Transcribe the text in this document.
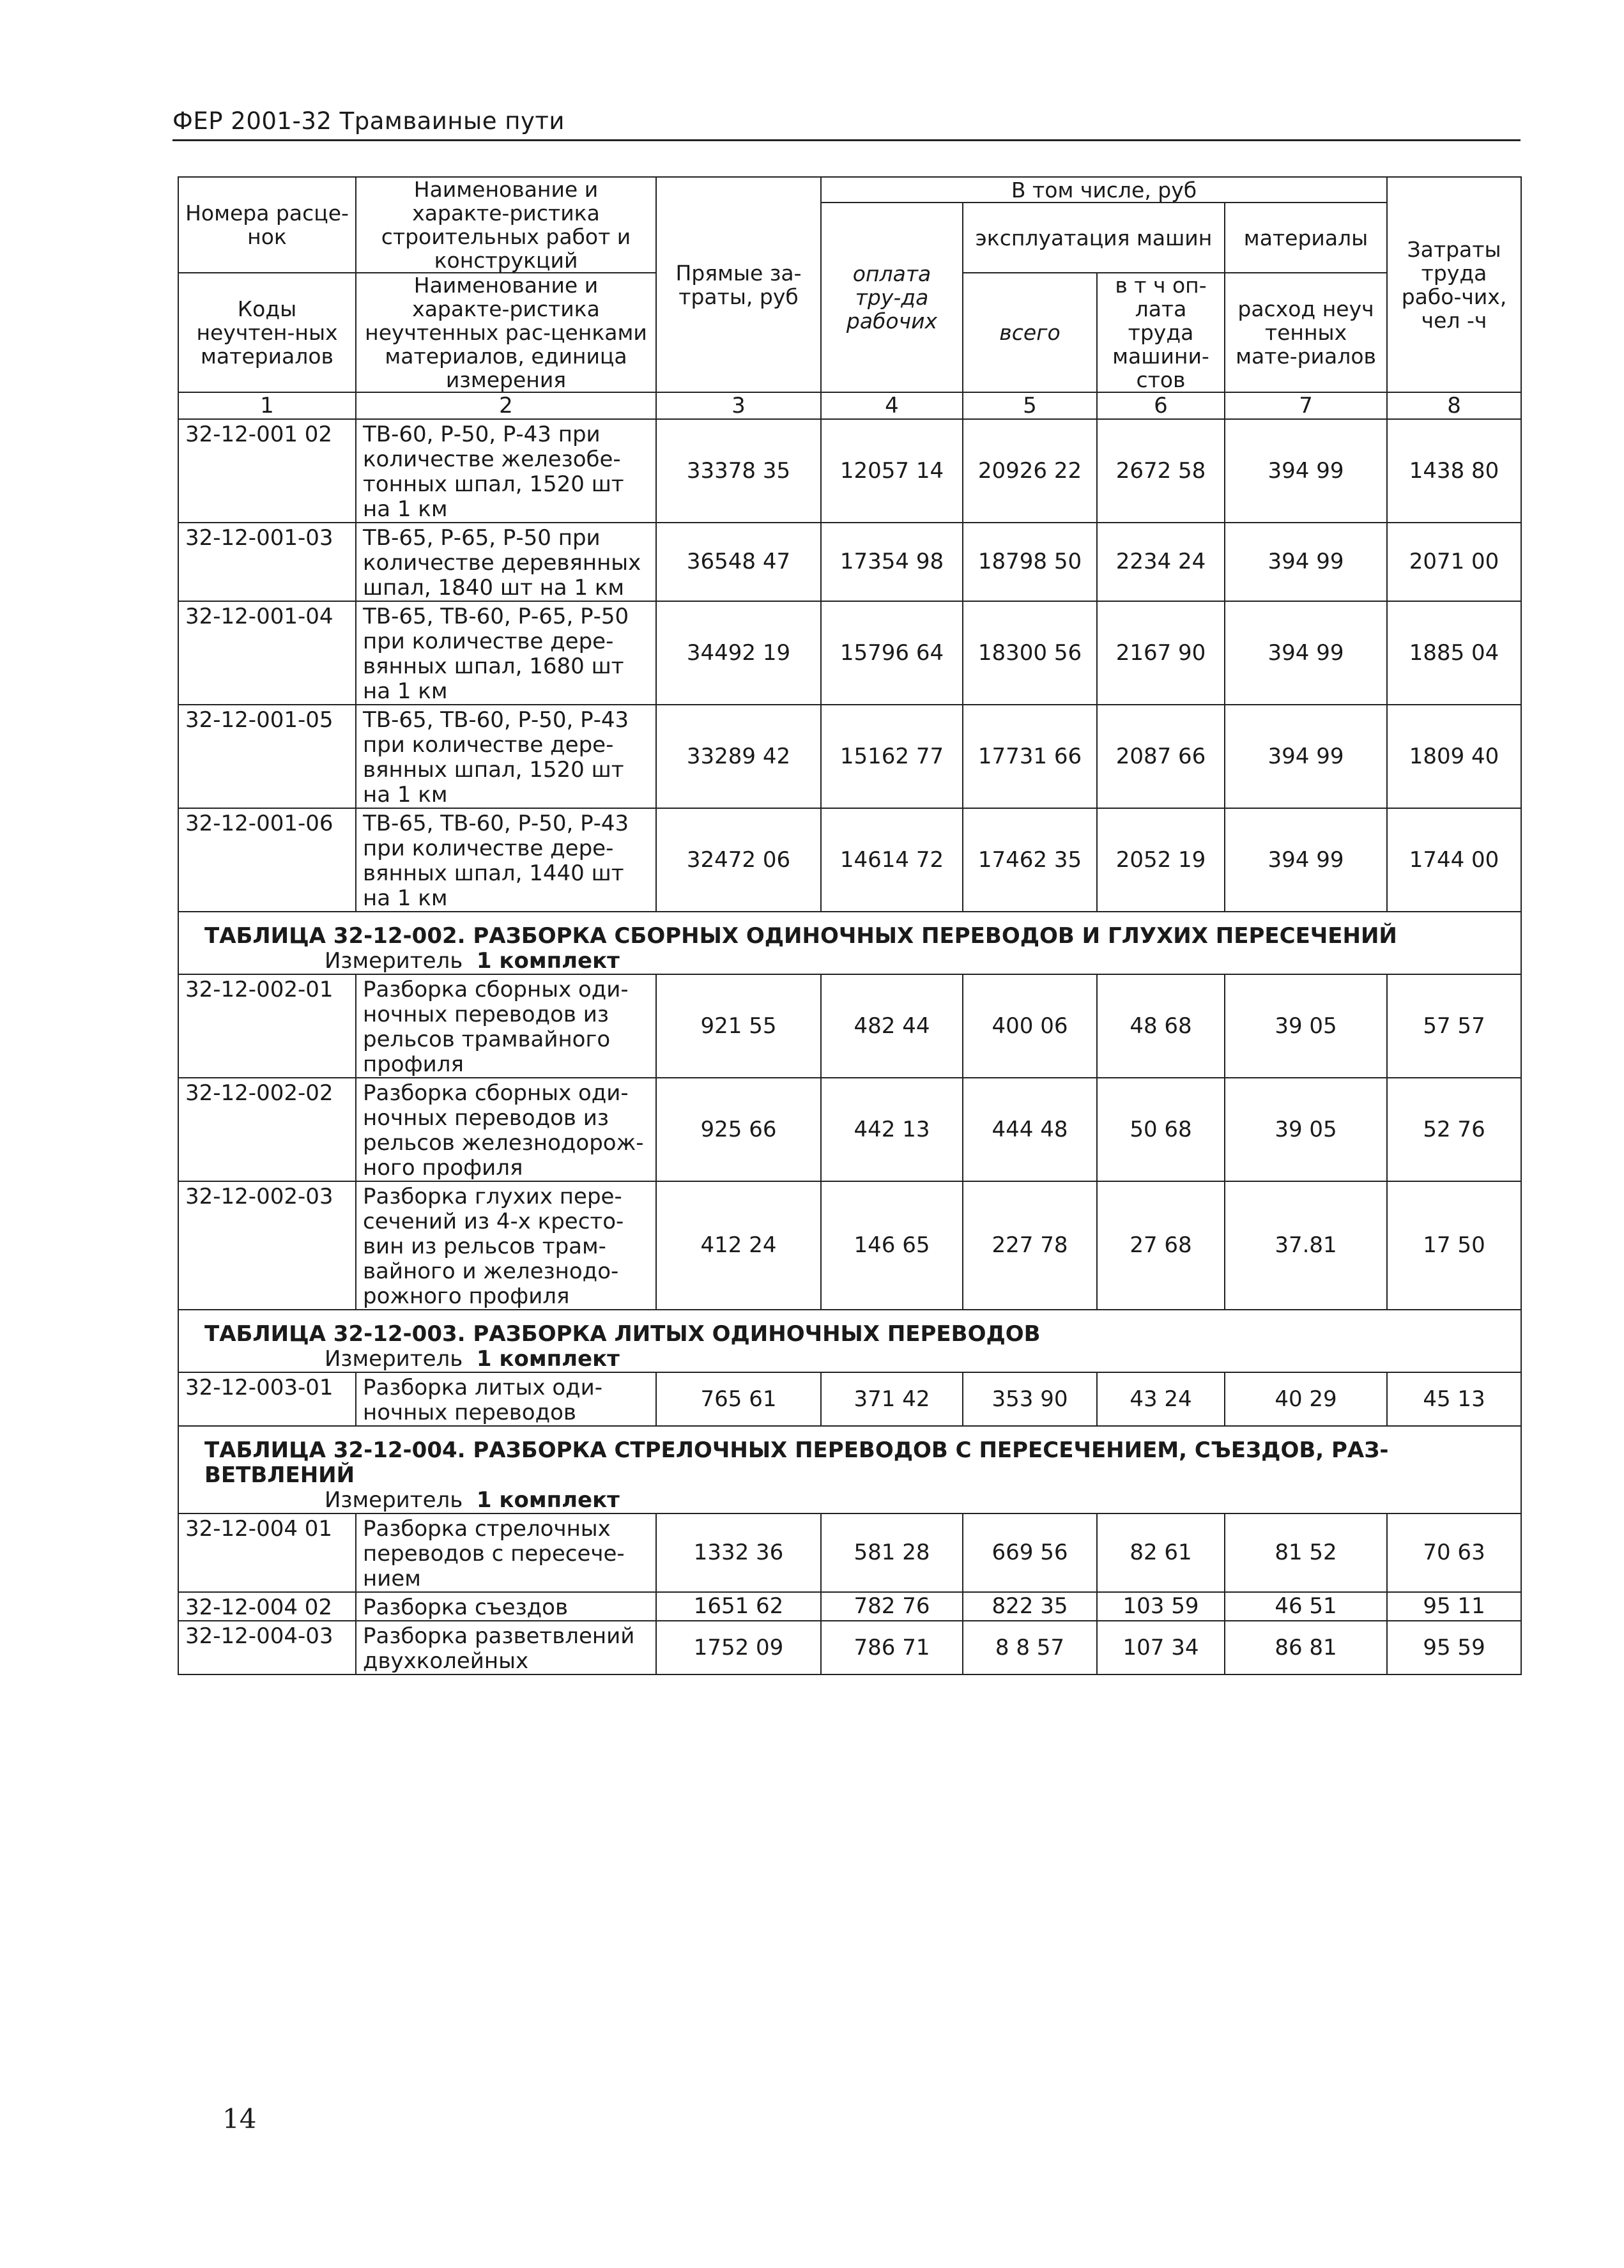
ФЕР 2001-32 Трамваиные пути
Номера расце-нок	Наименование и характе-ристика строительных работ и конструкций	Прямые за-траты, руб	В том числе, руб				Затраты труда рабо-чих, чел -ч
			оплата тру-да рабочих	эксплуатация машин		материалы	
Коды неучтен-ных материалов	Наименование и характе-ристика неучтенных рас-ценками материалов, единица измерения			всего	в т ч оп-лата труда машини-стов	расход неуч тенных мате-риалов	

1	2	3	4	5	6	7	8
32-12-001 02	ТВ-60, Р-50, Р-43 при количестве железобе-тонных шпал, 1520 шт на 1 км	33378 35	12057 14	20926 22	2672 58	394 99	1438 80
32-12-001-03	ТВ-65, Р-65, Р-50 при количестве деревянных шпал, 1840 шт на 1 км	36548 47	17354 98	18798 50	2234 24	394 99	2071 00
32-12-001-04	ТВ-65, ТВ-60, Р-65, Р-50 при количестве дере-вянных шпал, 1680 шт на 1 км	34492 19	15796 64	18300 56	2167 90	394 99	1885 04
32-12-001-05	ТВ-65, ТВ-60, Р-50, Р-43 при количестве дере-вянных шпал, 1520 шт на 1 км	33289 42	15162 77	17731 66	2087 66	394 99	1809 40
32-12-001-06	ТВ-65, ТВ-60, Р-50, Р-43 при количестве дере-вянных шпал, 1440 шт на 1 км	32472 06	14614 72	17462 35	2052 19	394 99	1744 00
ТАБЛИЦА 32-12-002. РАЗБОРКА СБОРНЫХ ОДИНОЧНЫХ ПЕРЕВОДОВ И ГЛУХИХ ПЕРЕСЕЧЕНИЙ							
Измеритель 1 комплект							
32-12-002-01	Разборка сборных оди-ночных переводов из рельсов трамвайного профиля	921 55	482 44	400 06	48 68	39 05	57 57
32-12-002-02	Разборка сборных оди-ночных переводов из рельсов железнодорож-ного профиля	925 66	442 13	444 48	50 68	39 05	52 76
32-12-002-03	Разборка глухих пере-сечений из 4-х кресто-вин из рельсов трам-вайного и железнодо-рожного профиля	412 24	146 65	227 78	27 68	37.81	17 50
ТАБЛИЦА 32-12-003. РАЗБОРКА ЛИТЫХ ОДИНОЧНЫХ ПЕРЕВОДОВ							
Измеритель 1 комплект							
32-12-003-01	Разборка литых оди-ночных переводов	765 61	371 42	353 90	43 24	40 29	45 13
ТАБЛИЦА 32-12-004. РАЗБОРКА СТРЕЛОЧНЫХ ПЕРЕВОДОВ С ПЕРЕСЕЧЕНИЕМ, СЪЕЗДОВ, РАЗ-ВЕТВЛЕНИЙ							
Измеритель 1 комплект							
32-12-004 01	Разборка стрелочных переводов с пересече-нием	1332 36	581 28	669 56	82 61	81 52	70 63
32-12-004 02	Разборка съездов	1651 62	782 76	822 35	103 59	46 51	95 11
32-12-004-03	Разборка разветвлений двухколейных	1752 09	786 71	8 8 57	107 34	86 81	95 59
14
